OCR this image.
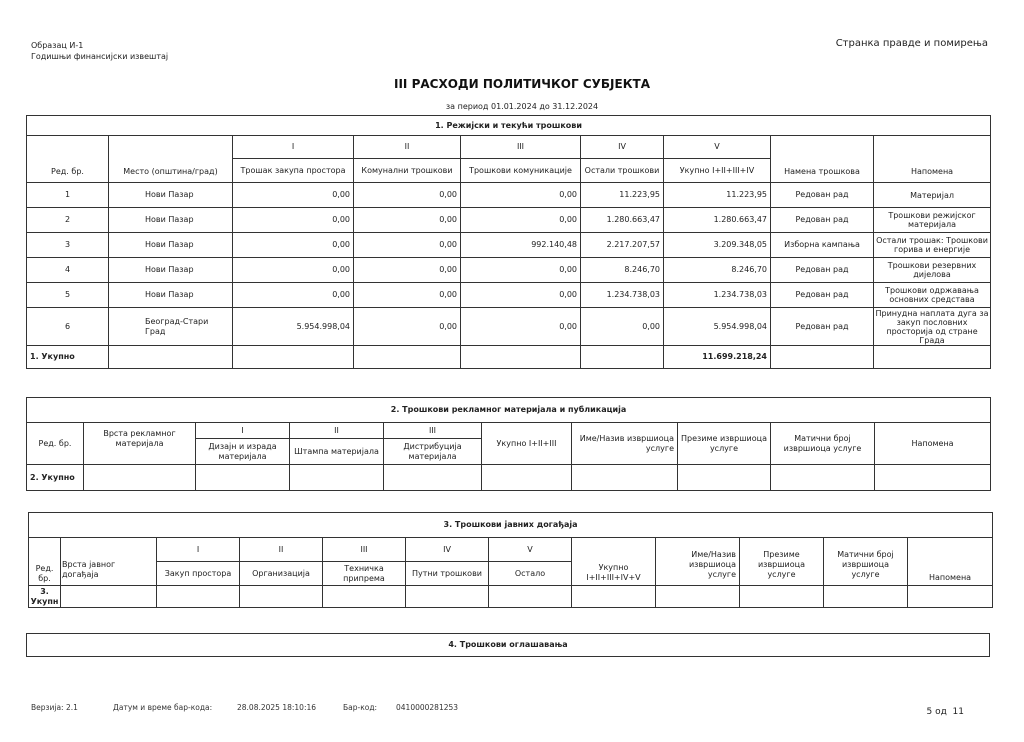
Образац И-1
Годишњи финансијски извештај
Странка правде и помирења
III РАСХОДИ ПОЛИТИЧКОГ СУБЈЕКТА
за период 01.01.2024 до 31.12.2024
1. Режијски и текући трошкови								
Ред. бр.	Место (општина/град)	I	II	III	IV	V	Намена трошкова	Напомена
		Трошак закупа простора	Комунални трошкови	Трошкови комуникације	Остали трошкови	Укупно I+II+III+IV		
1	Нови Пазар	0,00	0,00	0,00	11.223,95	11.223,95	Редован рад	Материјал
2	Нови Пазар	0,00	0,00	0,00	1.280.663,47	1.280.663,47	Редован рад	Трошкови режијског материјала
3	Нови Пазар	0,00	0,00	992.140,48	2.217.207,57	3.209.348,05	Изборна кампања	Остали трошак: Трошкови горива и енергије
4	Нови Пазар	0,00	0,00	0,00	8.246,70	8.246,70	Редован рад	Трошкови резервних дијелова
5	Нови Пазар	0,00	0,00	0,00	1.234.738,03	1.234.738,03	Редован рад	Трошкови одржавања основних средстава
6	Београд-Стари Град	5.954.998,04	0,00	0,00	0,00	5.954.998,04	Редован рад	Принудна наплата дуга за закуп пословних просторија од стране Града
1. Укупно						11.699.218,24		
2. Трошкови рекламног материјала и публикација									
Ред. бр.	Врста рекламног материјала	I	II	III	Укупно I+II+III	Име/Назив извршиоца услуге	Презиме извршиоца услуге	Матични број извршиоца услуге	Напомена
		Дизајн и израда материјала	Штампа материјала	Дистрибуција материјала					
2. Укупно									
3. Трошкови јавних догађаја											
Ред. бр.	Врста јавног догађаја	I	II	III	IV	V	Укупно I+II+III+IV+V	Име/Назив извршиоца услуге	Презиме извршиоца услуге	Матични број извршиоца услуге	Напомена
		Закуп простора	Организација	Техничка припрема	Путни трошкови	Остало					
3. Укупн											
4. Трошкови оглашавања
Верзија: 2.1	Датум и време бар-кода:	28.08.2025 18:10:16	Бар-код:	0410000281253	5 од  11
